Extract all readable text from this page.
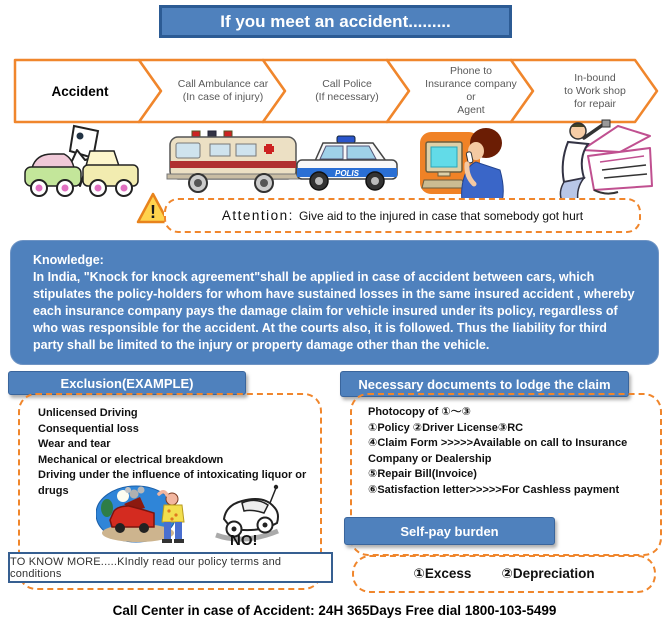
If you meet an accident.........
Accident	Call Ambulance car
(In case of injury)
Call Police
(If necessary)
Phone to
Insurance company
or
Agent
In-bound
to Work shop
for repair
POLIS
!	Attention: Give aid to the injured in case that somebody got hurt
Knowledge:
In India, "Knock for knock agreement"shall be applied in case of accident between cars, which stipulates the policy-holders for whom have sustained losses in the same insured accident , whereby each insurance company pays the damage claim for vehicle insured under its policy, regardless of who was responsible for the accident. At the courts also, it is followed. Thus the liability for third party shall be limited to the injury or property damage other than the vehicle.
Exclusion(EXAMPLE)
Unlicensed Driving
Consequential loss
Wear and tear
Mechanical or electrical breakdown
Driving under the influence of intoxicating liquor or drugs
NO!
TO KNOW MORE.....KIndly read our policy terms and conditions
Necessary documents to lodge the claim
Photocopy of ①～③
①Policy ②Driver License③RC
④Claim Form >>>>>Available on call to Insurance Company or Dealership
⑤Repair Bill(Invoice)
⑥Satisfaction letter>>>>>For Cashless payment
Self-pay burden
①Excess ②Depreciation
Call Center in case of Accident: 24H 365Days Free dial 1800-103-5499
